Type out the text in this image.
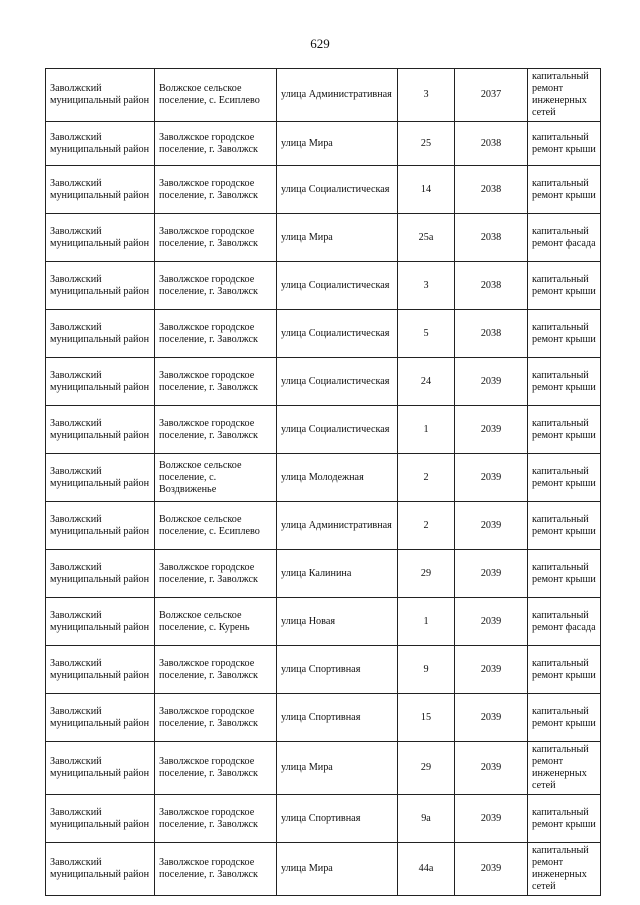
629
Заволжский муниципальный район	Волжское сельское поселение, с. Есиплево	улица Административная	3	2037	капитальный ремонт инженерных сетей
Заволжский муниципальный район	Заволжское городское поселение, г. Заволжск	улица Мира	25	2038	капитальный ремонт крыши
Заволжский муниципальный район	Заволжское городское поселение, г. Заволжск	улица Социалистическая	14	2038	капитальный ремонт крыши
Заволжский муниципальный район	Заволжское городское поселение, г. Заволжск	улица Мира	25а	2038	капитальный ремонт фасада
Заволжский муниципальный район	Заволжское городское поселение, г. Заволжск	улица Социалистическая	3	2038	капитальный ремонт крыши
Заволжский муниципальный район	Заволжское городское поселение, г. Заволжск	улица Социалистическая	5	2038	капитальный ремонт крыши
Заволжский муниципальный район	Заволжское городское поселение, г. Заволжск	улица Социалистическая	24	2039	капитальный ремонт крыши
Заволжский муниципальный район	Заволжское городское поселение, г. Заволжск	улица Социалистическая	1	2039	капитальный ремонт крыши
Заволжский муниципальный район	Волжское сельское поселение, с. Воздвиженье	улица Молодежная	2	2039	капитальный ремонт крыши
Заволжский муниципальный район	Волжское сельское поселение, с. Есиплево	улица Административная	2	2039	капитальный ремонт крыши
Заволжский муниципальный район	Заволжское городское поселение, г. Заволжск	улица Калинина	29	2039	капитальный ремонт крыши
Заволжский муниципальный район	Волжское сельское поселение, с. Курень	улица Новая	1	2039	капитальный ремонт фасада
Заволжский муниципальный район	Заволжское городское поселение, г. Заволжск	улица Спортивная	9	2039	капитальный ремонт крыши
Заволжский муниципальный район	Заволжское городское поселение, г. Заволжск	улица Спортивная	15	2039	капитальный ремонт крыши
Заволжский муниципальный район	Заволжское городское поселение, г. Заволжск	улица Мира	29	2039	капитальный ремонт инженерных сетей
Заволжский муниципальный район	Заволжское городское поселение, г. Заволжск	улица Спортивная	9а	2039	капитальный ремонт крыши
Заволжский муниципальный район	Заволжское городское поселение, г. Заволжск	улица Мира	44а	2039	капитальный ремонт инженерных сетей
